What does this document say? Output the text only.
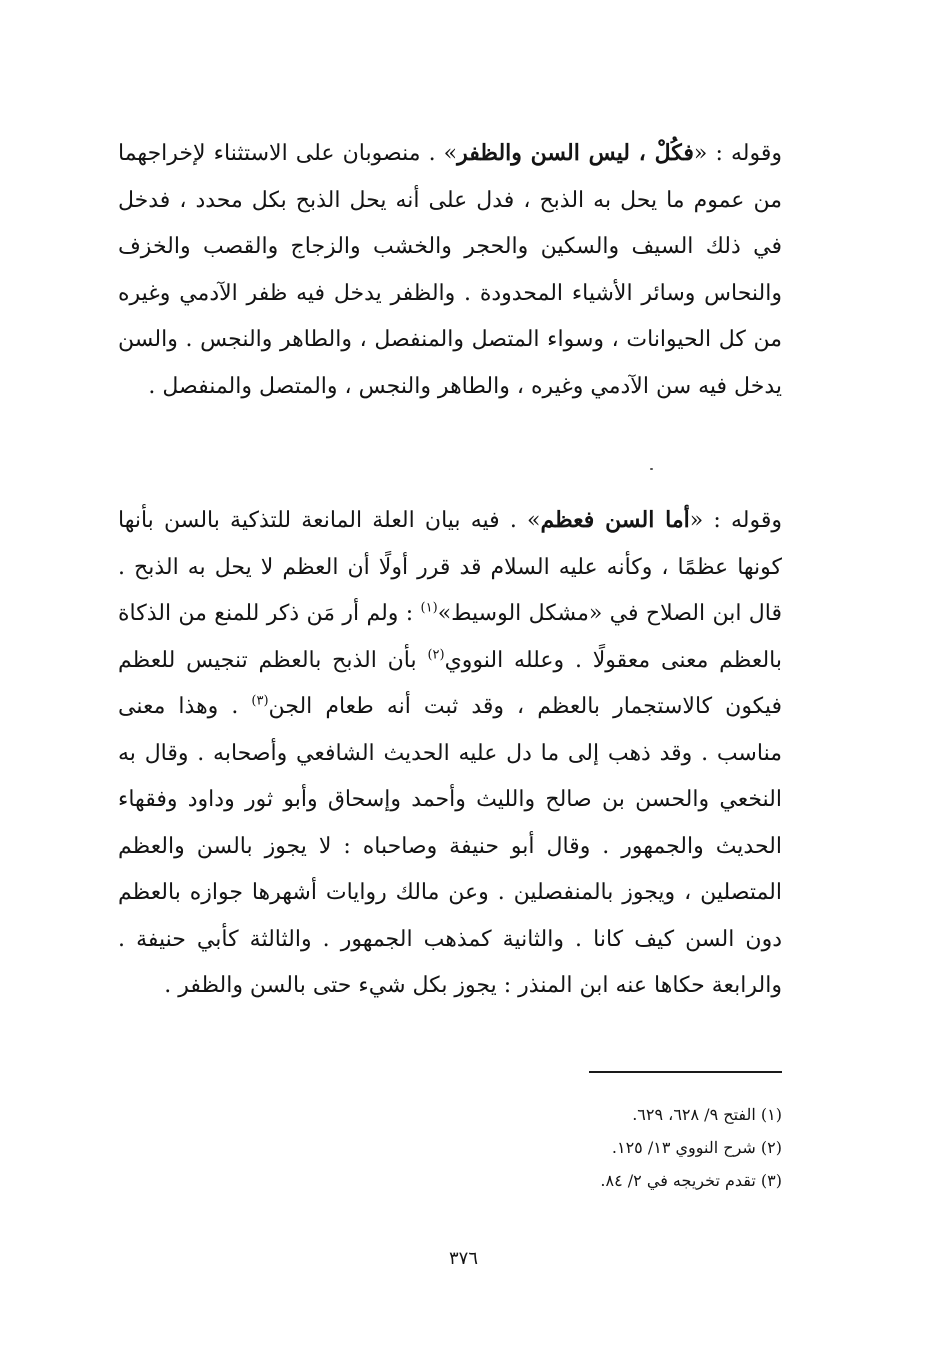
وقوله : «فكُلْ ، ليس السن والظفر» . منصوبان على الاستثناء لإخراجهما من عموم ما يحل به الذبح ، فدل على أنه يحل الذبح بكل محدد ، فدخل في ذلك السيف والسكين والحجر والخشب والزجاج والقصب والخزف والنحاس وسائر الأشياء المحدودة . والظفر يدخل فيه ظفر الآدمي وغيره من كل الحيوانات ، وسواء المتصل والمنفصل ، والطاهر والنجس . والسن يدخل فيه سن الآدمي وغيره ، والطاهر والنجس ، والمتصل والمنفصل .

وقوله : «أما السن فعظم» . فيه بيان العلة المانعة للتذكية بالسن بأنها كونها عظمًا ، وكأنه عليه السلام قد قرر أولًا أن العظم لا يحل به الذبح . قال ابن الصلاح في «مشكل الوسيط»$^{(١)}$ : ولم أر مَن ذكر للمنع من الذكاة بالعظم معنى معقولًا . وعلله النووي$^{(٢)}$ بأن الذبح بالعظم تنجيس للعظم فيكون كالاستجمار بالعظم ، وقد ثبت أنه طعام الجن$^{(٣)}$ . وهذا معنى مناسب . وقد ذهب إلى ما دل عليه الحديث الشافعي وأصحابه . وقال به النخعي والحسن بن صالح والليث وأحمد وإسحاق وأبو ثور وداود وفقهاء الحديث والجمهور . وقال أبو حنيفة وصاحباه : لا يجوز بالسن والعظم المتصلين ، ويجوز بالمنفصلين . وعن مالك روايات أشهرها جوازه بالعظم دون السن كيف كانا . والثانية كمذهب الجمهور . والثالثة كأبي حنيفة . والرابعة حكاها عنه ابن المنذر : يجوز بكل شيء حتى بالسن والظفر .

(١) الفتح ٩/ ٦٢٨، ٦٢٩.
(٢) شرح النووي ١٣/ ١٢٥.
(٣) تقدم تخريجه في ٢/ ٨٤.
٣٧٦
